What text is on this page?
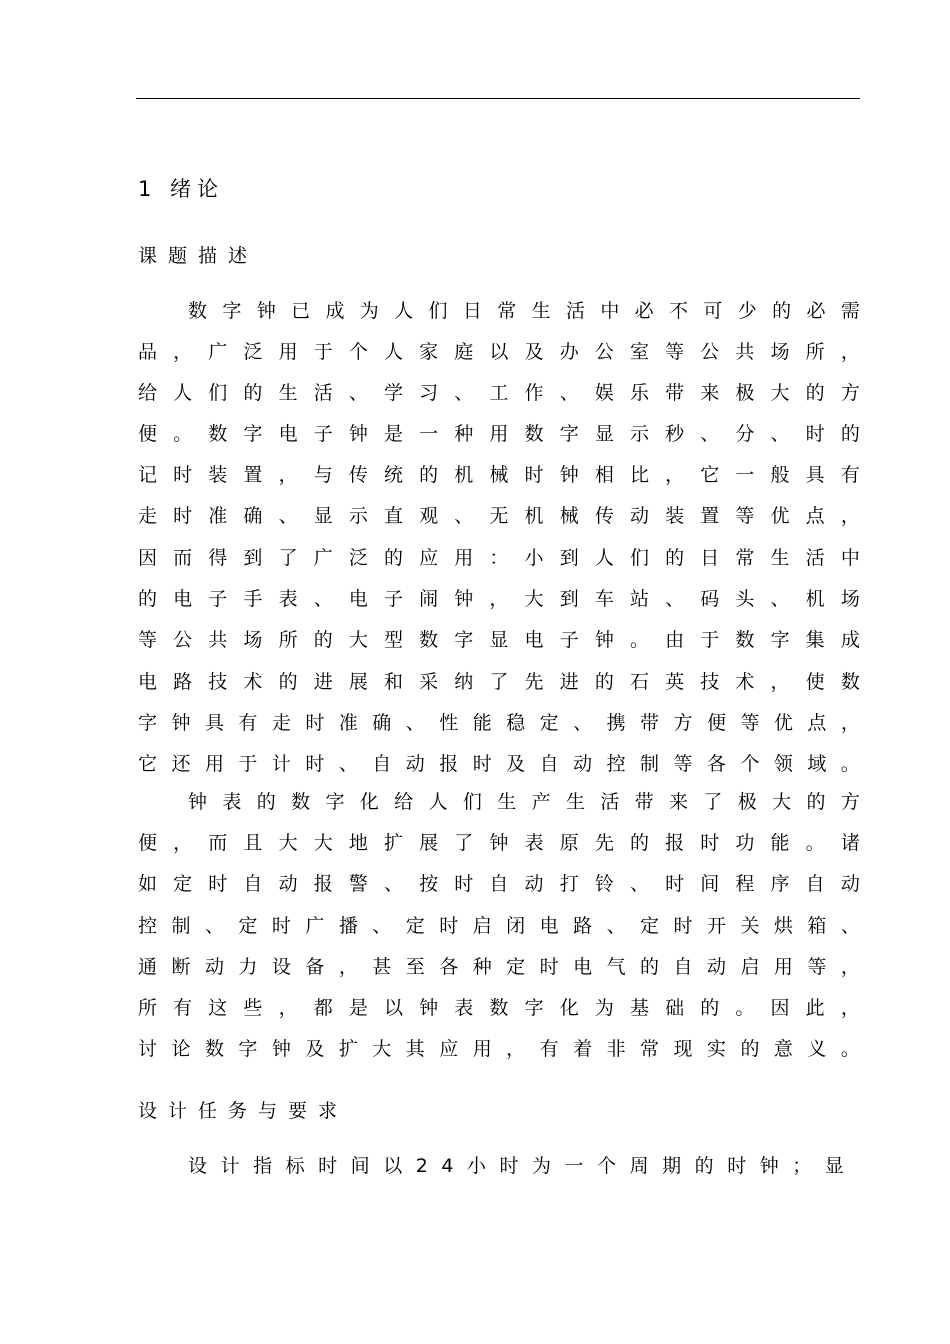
1 绪论
课题描述
数 字 钟 已 成 为 人 们 日 常 生 活 中 必 不 可 少 的 必 需
品 ， 广 泛 用 于 个 人 家 庭 以 及 办 公 室 等 公 共 场 所 ，
给 人 们 的 生 活 、 学 习 、 工 作 、 娱 乐 带 来 极 大 的 方
便 。 数 字 电 子 钟 是 一 种 用 数 字 显 示 秒 、 分 、 时 的
记 时 装 置 ， 与 传 统 的 机 械 时 钟 相 比 ， 它 一 般 具 有
走 时 准 确 、 显 示 直 观 、 无 机 械 传 动 装 置 等 优 点 ，
因 而 得 到 了 广 泛 的 应 用 ： 小 到 人 们 的 日 常 生 活 中
的 电 子 手 表 、 电 子 闹 钟 ， 大 到 车 站 、 码 头 、 机 场
等 公 共 场 所 的 大 型 数 字 显 电 子 钟 。 由 于 数 字 集 成
电 路 技 术 的 进 展 和 采 纳 了 先 进 的 石 英 技 术 ， 使 数
字 钟 具 有 走 时 准 确 、 性 能 稳 定 、 携 带 方 便 等 优 点 ，
它 还 用 于 计 时 、 自 动 报 时 及 自 动 控 制 等 各 个 领 域 。
钟 表 的 数 字 化 给 人 们 生 产 生 活 带 来 了 极 大 的 方
便 ， 而 且 大 大 地 扩 展 了 钟 表 原 先 的 报 时 功 能 。 诸
如 定 时 自 动 报 警 、 按 时 自 动 打 铃 、 时 间 程 序 自 动
控 制 、 定 时 广 播 、 定 时 启 闭 电 路 、 定 时 开 关 烘 箱 、
通 断 动 力 设 备 ， 甚 至 各 种 定 时 电 气 的 自 动 启 用 等 ，
所 有 这 些 ， 都 是 以 钟 表 数 字 化 为 基 础 的 。 因 此 ，
讨 论 数 字 钟 及 扩 大 其 应 用 ， 有 着 非 常 现 实 的 意 义 。
设计任务与要求
设 计 指 标 时 间 以 2 4 小 时 为 一 个 周 期 的 时 钟 ； 显
